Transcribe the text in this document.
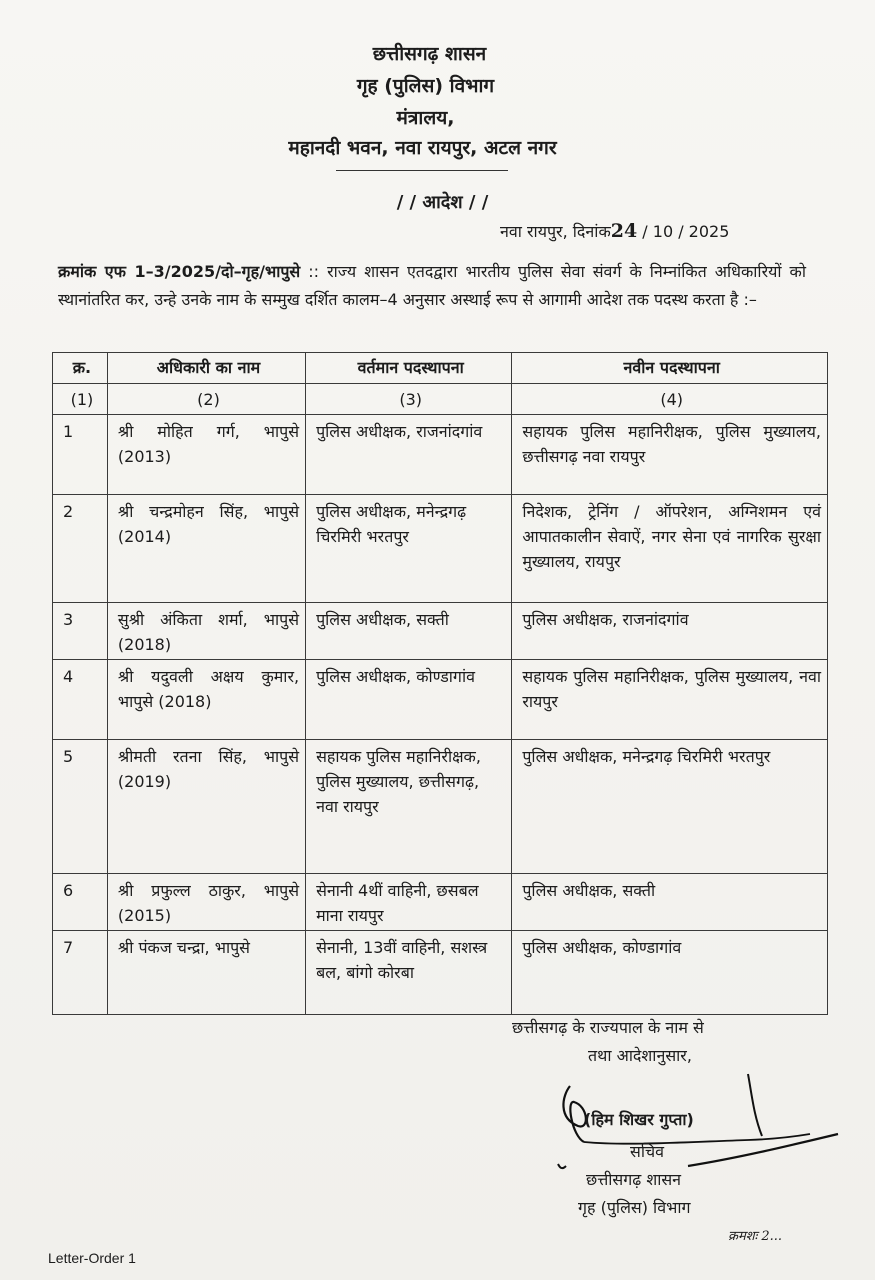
छत्तीसगढ़ शासन
गृह (पुलिस) विभाग
मंत्रालय,
महानदी भवन, नवा रायपुर, अटल नगर
/ / आदेश / /
नवा रायपुर, दिनांक24 / 10 / 2025
क्रमांक एफ 1–3/2025/दो–गृह/भापुसे :: राज्य शासन एतदद्वारा भारतीय पुलिस सेवा संवर्ग के निम्नांकित अधिकारियों को स्थानांतरित कर, उन्हे उनके नाम के सम्मुख दर्शित कालम–4 अनुसार अस्थाई रूप से आगामी आदेश तक पदस्थ करता है :–
क्र.	अधिकारी का नाम	वर्तमान पदस्थापना	नवीन पदस्थापना
(1)	(2)	(3)	(4)
1	श्री मोहित गर्ग, भापुसे (2013)	पुलिस अधीक्षक, राजनांदगांव	सहायक पुलिस महानिरीक्षक, पुलिस मुख्यालय, छत्तीसगढ़ नवा रायपुर
2	श्री चन्द्रमोहन सिंह, भापुसे (2014)	पुलिस अधीक्षक, मनेन्द्रगढ़ चिरमिरी भरतपुर	निदेशक, ट्रेनिंग / ऑपरेशन, अग्निशमन एवं आपातकालीन सेवाऐं, नगर सेना एवं नागरिक सुरक्षा मुख्यालय, रायपुर
3	सुश्री अंकिता शर्मा, भापुसे (2018)	पुलिस अधीक्षक, सक्ती	पुलिस अधीक्षक, राजनांदगांव
4	श्री यदुवली अक्षय कुमार, भापुसे (2018)	पुलिस अधीक्षक, कोण्डागांव	सहायक पुलिस महानिरीक्षक, पुलिस मुख्यालय, नवा रायपुर
5	श्रीमती रतना सिंह, भापुसे (2019)	सहायक पुलिस महानिरीक्षक, पुलिस मुख्यालय, छत्तीसगढ़, नवा रायपुर	पुलिस अधीक्षक, मनेन्द्रगढ़ चिरमिरी भरतपुर
6	श्री प्रफुल्ल ठाकुर, भापुसे (2015)	सेनानी 4थीं वाहिनी, छसबल माना रायपुर	पुलिस अधीक्षक, सक्ती
7	श्री पंकज चन्द्रा, भापुसे	सेनानी, 13वीं वाहिनी, सशस्त्र बल, बांगो कोरबा	पुलिस अधीक्षक, कोण्डागांव
छत्तीसगढ़ के राज्यपाल के नाम से
तथा आदेशानुसार,
(हिम शिखर गुप्ता)
सचिव
छत्तीसगढ़ शासन
गृह (पुलिस) विभाग
क्रमशः 2...
Letter-Order 1
